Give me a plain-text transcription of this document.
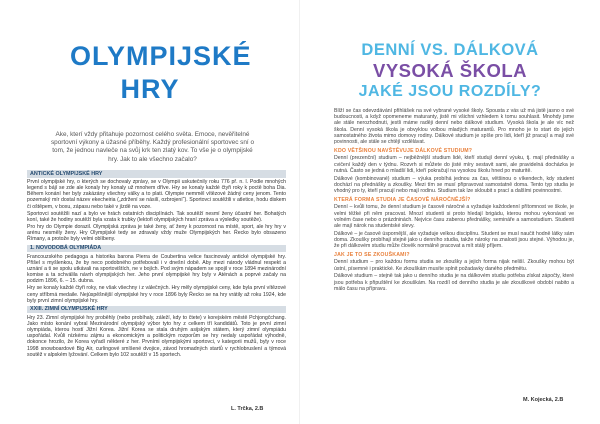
OLYMPIJSKÉ HRY
Ake, kterí vždy přitahuje pozornost celého světa. Emoce, nevěřitelné sportovní výkony a úžasné příběhy. Každý profesionální sportovec sní o tom, že jednou navleče na svůj krk ten zlatý kov. To vše je o olympijské hry. Jak to ale všechno začalo?
ANTICKÉ OLYMPIJSKÉ HRY

První olympijské hry, o kterých se dochovaly zprávy, se v Olympii uskutečnily roku 776 př. n. l. Podle mnohých legend s bájí se zde ale konaly hry konaly už mnohem dříve. Hry se konaly každé čtyři roky k poctě boha Dia. Během konání her byly zakázány všechny války a to plati. Olympie nemměl vítězové žádný ceny jenom. Tento pozemský mír dostal název ekecheiria („zdržení se násilí, ozbrojení“). Sportovci soutěžili v atletice, hodu diskem či oštěpem, v boxu, zápasu nebo také v jízdě na voze.

Sportovci soutěžili nazí a bylo ve hrách ostatních disciplínách. Tak soutěží nesmí ženy účastní her. Bohatých koní, také že hodiny soutěží byla vzata k trubky (lektoři olympijských hraní zpráva a výsledky soutěže).

Pro hry do Olympie dorazil. Olympijská zpráva je také ženy, ať ženy k pozornost na místě, sport, ale hry hry v arénu nesměly ženy. Hry Olympijské tedy se zdravaly vždy muže Olympijských her. Řecko bylo obsazeno Římany, a protože byly velmi oblíbeny.

1. NOVODOBÁ OLYMPIÁDA

Francouzského pedagoga a historika barona Pierra de Coubertina velice fascinovaly antické olympijské hry. Přišel s myšlenkou, že by neco podobného potřebovali i v dnešní době. Aby mezi národy vládnul respekt a uznání a ti se spolu utkávali na sportovištích, ne v bojích. Pod svým nápadem se spojil v roce 1894 mezinárodní komise a ta schválila návrh olympijských her. Jeho první olympijské hry byly v Aténách a poprvé začaly na podzim 1896, 6. – 15. dubna.

Hry se konaly každé čtyři roky, ne však všechny i z válečných. Hry měly olympijské ceny, kde byla první vítězové ceny stříbrná medaile. Nejúspěšnější olympijské hry v roce 1896 byly Řecko se na hry vrátily až roku 1924, kde byly první zimní olympijské hry.

XXIII. ZIMNÍ OLYMPIJSKÉ HRY

Hry 23. Zimní olympijské hry proběhly (nebo probíhaly, záleží, kdy to čtete) v korejském městě Pchjongčchang. Jako místo konání vybral Mezinárodní olympijský výbor tyto hry z celkem tří kandidátů. Toto je první zimní olympiáda, kterou hostí Jižní Korea. Jižní Korea se stala druhým asijským státem, který zimní olympiádu uspořádal. Kvůli nízkému zájmu a ekonomickým a politickým rozporům se hry nedaly uspořádat výhodně, dokonce hrozilo, že Korea vyřadí některé z her. Prvními olympijskými sportovci, v kategorii mužů, byly v roce 1998 snowboardové Big Air, curlingové smíšené dvojice, závod hromadných startů v rychlobruslení a týmová soutěž v alpském lyžování. Celkem bylo 102 soutěží v 15 sportech.

L. Trčka, 2.B
DENNÍ VS. DÁLKOVÁ
VYSOKÁ ŠKOLA
JAKÉ JSOU ROZDÍLY?

Blíží se čas odevzdávání přihlášek na své vybrané vysoké školy. Spousta z vás už má jistě jasno o své budoucnosti, a když opomeneme maturanty, jistě mi všichni vzhledem k tomu souhlasit. Mnohdy jsme ale stále nerozhodnuti, jestli máme raději denní nebo dálkové studium. Vysoká škola je ale víc než škola. Denní vysoká škola je obvyklou volbou mladých maturantů. Pro mnoho je to start do jejich samostatného života mimo domovy rodiny. Dálkové studium je spíše pro lidi, kteří již pracují a mají své povinnosti, ale stále se chtějí vzdělávat.

KDO VĚTŠINOU NAVŠTĚVUJE DÁLKOVÉ STUDIUM?

Denní (prezenční) studium – nejběžnější studium lidé, kteří studují denní výuku, tj. mají přednášky a cvičení každý den v týdnu. Rozvrh si můžete do jisté míry sestavit sami, ale pravidelná docházka je nutná. Často se jedná o mladší lidi, kteří pokračují na vysokou školu hned po maturitě.

Dálkové (kombinované) studium – výuka probíhá jednou za čas, většinou o víkendech, kdy student dochází na přednášky a zkoušky. Mezi tím se musí připravovat samostatně doma. Tento typ studia je vhodný pro ty, kteří pracují nebo mají rodinu. Studium tak lze skloubit s prací a dalšími povinnostmi.

KTERÁ FORMA STUDIA JE ČASOVĚ NÁROČNĚJŠÍ?

Denní – kvůli tomu, že denní studium je časově náročné a vyžaduje každodenní přítomnost ve škole, je velmi těžké při něm pracovat. Mnozí studenti si proto hledají brigádu, kterou mohou vykonávat ve volném čase nebo o prázdninách. Nejvíce času zaberou přednášky, semináře a samostudium. Studenti ale mají nárok na studentské slevy.

Dálkové – je časově úspornější, ale vyžaduje velkou disciplínu. Student se musí naučit hodně látky sám doma. Zkoušky probíhají stejně jako u denního studia, takže nároky na znalosti jsou stejné. Výhodou je, že při dálkovém studiu může člověk normálně pracovat a mít stálý příjem.

JAK JE TO SE ZKOUŠKAMI?

Denní studium – pro každou formu studia se zkoušky a jejich forma nijak neliší. Zkoušky mohou být ústní, písemné i praktické. Ke zkouškám musíte splnit požadavky daného předmětu.

Dálkové studium – stejně tak jako u denního studia je na dálkovém studiu potřeba získat zápočty, které jsou potřeba k připuštění ke zkouškám. Na rozdíl od denního studia je ale zkouškové období nabito a málo času na přípravu.

M. Kojecká, 2.B
